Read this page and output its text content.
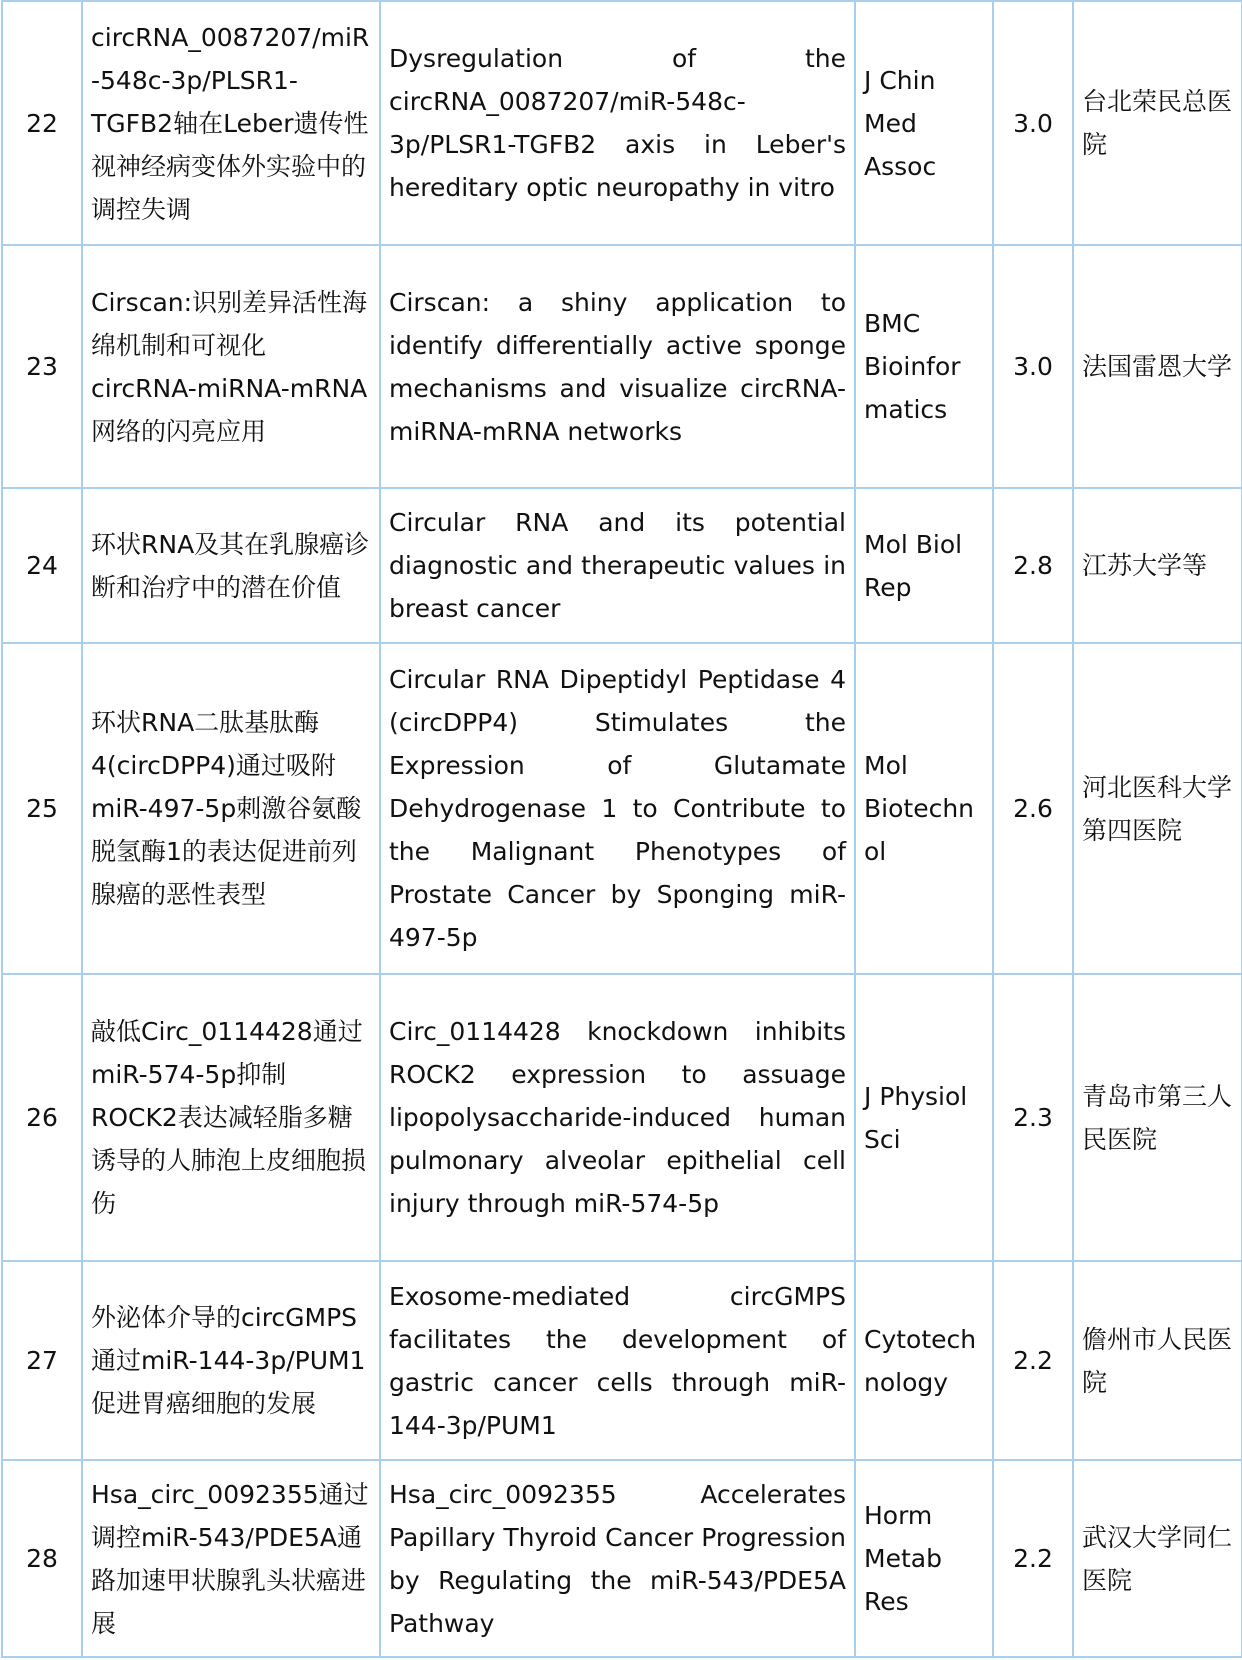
22	circRNA_0087207/miR-548c-3p/PLSR1-TGFB2轴在Leber遗传性视神经病变体外实验中的调控失调	Dysregulation of the circRNA_0087207/miR-548c-3p/PLSR1-TGFB2 axis in Leber's hereditary optic neuropathy in vitro	J Chin Med Assoc	3.0	台北荣民总医院
23	Cirscan:识别差异活性海绵机制和可视化circRNA-miRNA-mRNA网络的闪亮应用	Cirscan: a shiny application to identify differentially active sponge mechanisms and visualize circRNA-miRNA-mRNA networks	BMC Bioinformatics	3.0	法国雷恩大学
24	环状RNA及其在乳腺癌诊断和治疗中的潜在价值	Circular RNA and its potential diagnostic and therapeutic values in breast cancer	Mol Biol Rep	2.8	江苏大学等
25	环状RNA二肽基肽酶4(circDPP4)通过吸附miR-497-5p刺激谷氨酸脱氢酶1的表达促进前列腺癌的恶性表型	Circular RNA Dipeptidyl Peptidase 4 (circDPP4) Stimulates the Expression of Glutamate Dehydrogenase 1 to Contribute to the Malignant Phenotypes of Prostate Cancer by Sponging miR-497-5p	Mol Biotechnol	2.6	河北医科大学第四医院
26	敲低Circ_0114428通过miR-574-5p抑制ROCK2表达减轻脂多糖诱导的人肺泡上皮细胞损伤	Circ_0114428 knockdown inhibits ROCK2 expression to assuage lipopolysaccharide-induced human pulmonary alveolar epithelial cell injury through miR-574-5p	J Physiol Sci	2.3	青岛市第三人民医院
27	外泌体介导的circGMPS通过miR-144-3p/PUM1促进胃癌细胞的发展	Exosome-mediated circGMPS facilitates the development of gastric cancer cells through miR-144-3p/PUM1	Cytotechnology	2.2	儋州市人民医院
28	Hsa_circ_0092355通过调控miR-543/PDE5A通路加速甲状腺乳头状癌进展	Hsa_circ_0092355 Accelerates Papillary Thyroid Cancer Progression by Regulating the miR-543/PDE5A Pathway	Horm Metab Res	2.2	武汉大学同仁医院
